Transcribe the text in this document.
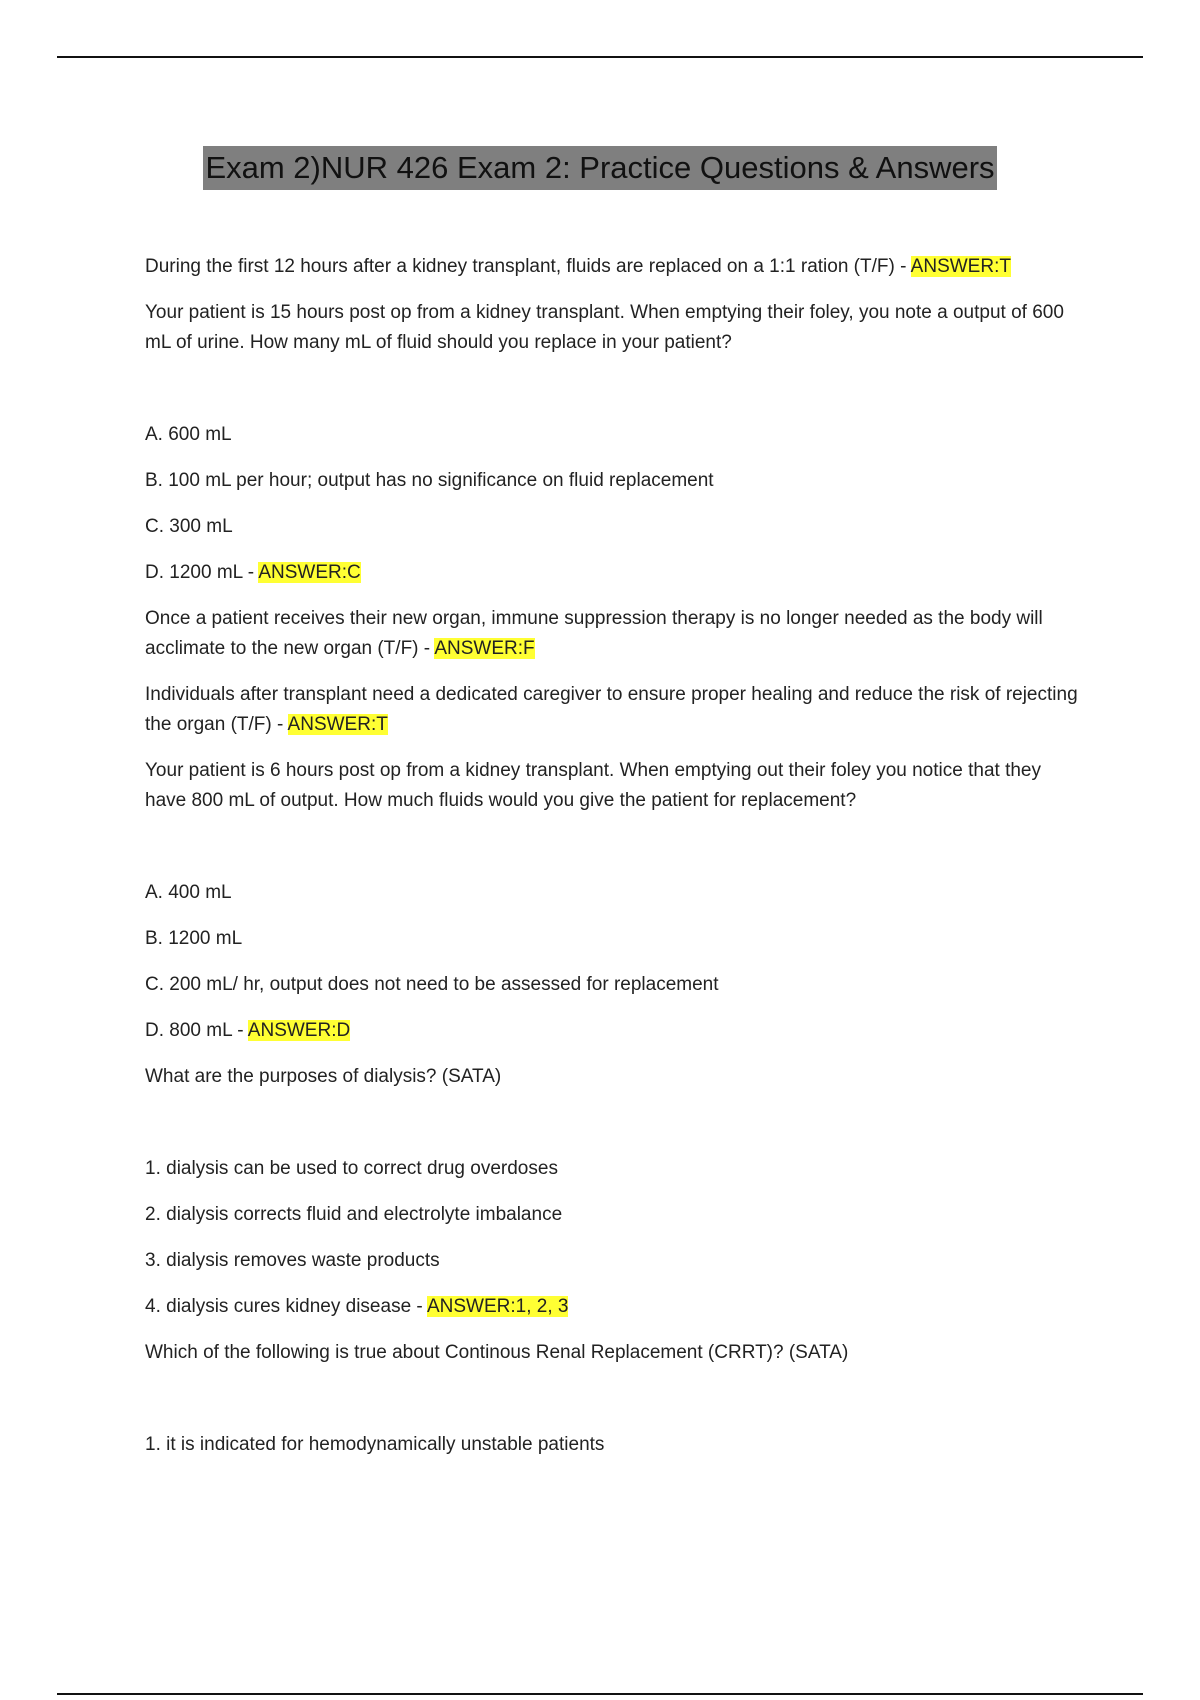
Exam 2)NUR 426 Exam 2: Practice Questions & Answers

During the first 12 hours after a kidney transplant, fluids are replaced on a 1:1 ration (T/F) - ANSWER:T

Your patient is 15 hours post op from a kidney transplant. When emptying their foley, you note a output of 600 mL of urine. How many mL of fluid should you replace in your patient?

A. 600 mL

B. 100 mL per hour; output has no significance on fluid replacement

C. 300 mL

D. 1200 mL - ANSWER:C

Once a patient receives their new organ, immune suppression therapy is no longer needed as the body will acclimate to the new organ (T/F) - ANSWER:F

Individuals after transplant need a dedicated caregiver to ensure proper healing and reduce the risk of rejecting the organ (T/F) - ANSWER:T

Your patient is 6 hours post op from a kidney transplant. When emptying out their foley you notice that they have 800 mL of output. How much fluids would you give the patient for replacement?

A. 400 mL

B. 1200 mL

C. 200 mL/ hr, output does not need to be assessed for replacement

D. 800 mL - ANSWER:D

What are the purposes of dialysis? (SATA)

1. dialysis can be used to correct drug overdoses

2. dialysis corrects fluid and electrolyte imbalance

3. dialysis removes waste products

4. dialysis cures kidney disease - ANSWER:1, 2, 3

Which of the following is true about Continous Renal Replacement (CRRT)? (SATA)

1. it is indicated for hemodynamically unstable patients
